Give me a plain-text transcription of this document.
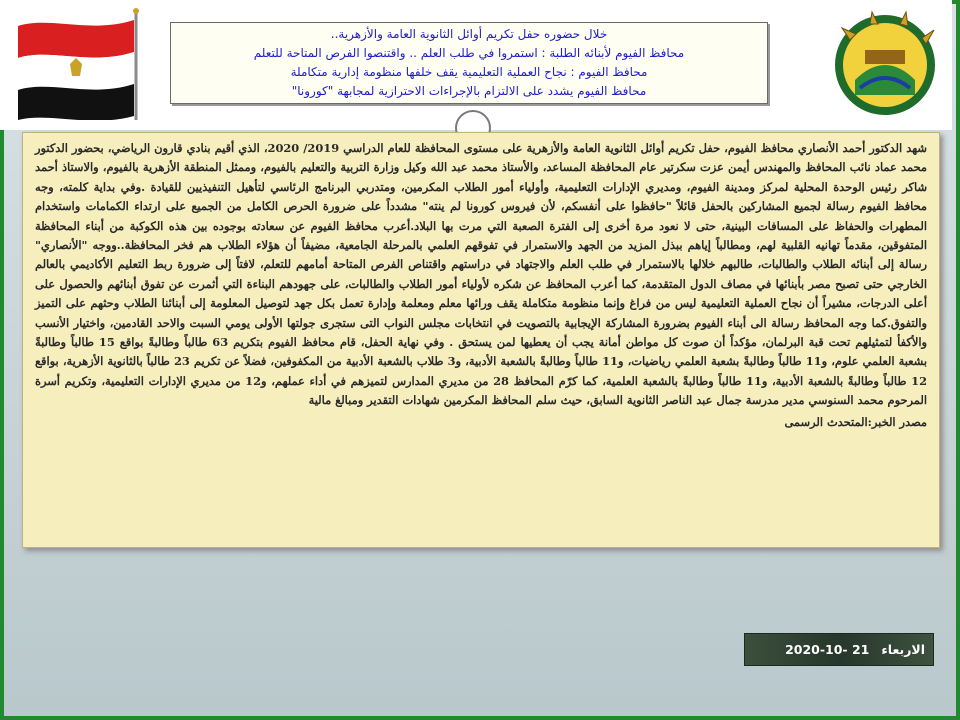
خلال حضوره حفل تكريم أوائل الثانوية العامة والأزهرية..
محافظ الفيوم لأبنائه الطلبة : استمروا في طلب العلم .. واقتنصوا الفرص المتاحة للتعلم
محافظ الفيوم : نجاح العملية التعليمية يقف خلفها منظومة إدارية متكاملة
محافظ الفيوم يشدد على الالتزام بالإجراءات الاحترازية لمجابهة "كورونا"

شهد الدكتور أحمد الأنصاري محافظ الفيوم، حفل تكريم أوائل الثانوية العامة والأزهرية على مستوى المحافظة للعام الدراسي 2019/ 2020، الذي أقيم بنادي قارون الرياضي، بحضور الدكتور محمد عماد نائب المحافظ والمهندس أيمن عزت سكرتير عام المحافظة المساعد، والأستاذ محمد عبد الله وكيل وزارة التربية والتعليم بالفيوم، وممثل المنطقة الأزهرية بالفيوم، والاستاذ أحمد شاكر رئيس الوحدة المحلية لمركز ومدينة الفيوم، ومديري الإدارات التعليمية، وأولياء أمور الطلاب المكرمين، ومتدربي البرنامج الرئاسي لتأهيل التنفيذيين للقيادة .وفي بداية كلمته، وجه محافظ الفيوم رسالة لجميع المشاركين بالحفل قائلاً "حافظوا على أنفسكم، لأن فيروس كورونا لم ينته" مشدداً على ضرورة الحرص الكامل من الجميع على ارتداء الكمامات واستخدام المطهرات والحفاظ على المسافات البينية، حتى لا نعود مرة أخرى إلى الفترة الصعبة التي مرت بها البلاد.أعرب محافظ الفيوم عن سعادته بوجوده بين هذه الكوكبة من أبناء المحافظة المتفوقين، مقدماً تهانيه القلبية لهم، ومطالباً إياهم ببذل المزيد من الجهد والاستمرار في تفوقهم العلمي بالمرحلة الجامعية، مضيفاً أن هؤلاء الطلاب هم فخر المحافظة..ووجه "الأنصاري" رسالة إلى أبنائه الطلاب والطالبات، طالبهم خلالها بالاستمرار في طلب العلم والاجتهاد في دراستهم واقتناص الفرص المتاحة أمامهم للتعلم، لافتاً إلى ضرورة ربط التعليم الأكاديمي بالعالم الخارجي حتى تصبح مصر بأبنائها في مصاف الدول المتقدمة، كما أعرب المحافظ عن شكره لأولياء أمور الطلاب والطالبات، على جهودهم البناءة التي أثمرت عن تفوق أبنائهم والحصول على أعلى الدرجات، مشيراً أن نجاح العملية التعليمية ليس من فراغ وإنما منظومة متكاملة يقف ورائها معلم ومعلمة وإدارة تعمل بكل جهد لتوصيل المعلومة إلى أبنائنا الطلاب وحثهم على التميز والتفوق.كما وجه المحافظ رسالة الى أبناء الفيوم بضرورة المشاركة الإيجابية بالتصويت في انتخابات مجلس النواب التى ستجرى جولتها الأولى يومي السبت والاحد القادمين، واختيار الأنسب والأكفأ لتمثيلهم تحت قبة البرلمان، مؤكداً أن صوت كل مواطن أمانة يجب أن يعطيها لمن يستحق . وفي نهاية الحفل، قام محافظ الفيوم بتكريم 63 طالباً وطالبةً بواقع 15 طالباً وطالبةً بشعبة العلمي علوم، و11 طالباً وطالبةً بشعبة العلمي رياضيات، و11 طالباً وطالبةً بالشعبة الأدبية، و3 طلاب بالشعبة الأدبية من المكفوفين، فضلاً عن تكريم 23 طالباً بالثانوية الأزهرية، بواقع 12 طالباً وطالبةً بالشعبة الأدبية، و11 طالباً وطالبةً بالشعبة العلمية، كما كرّم المحافظ 28 من مديري المدارس لتميزهم في أداء عملهم، و12 من مديري الإدارات التعليمية، وتكريم أسرة المرحوم محمد السنوسي مدير مدرسة جمال عبد الناصر الثانوية السابق، حيث سلم المحافظ المكرمين شهادات التقدير ومبالغ مالية

مصدر الخبر:المتحدث الرسمى

الاربعاء
2020-10- 21
